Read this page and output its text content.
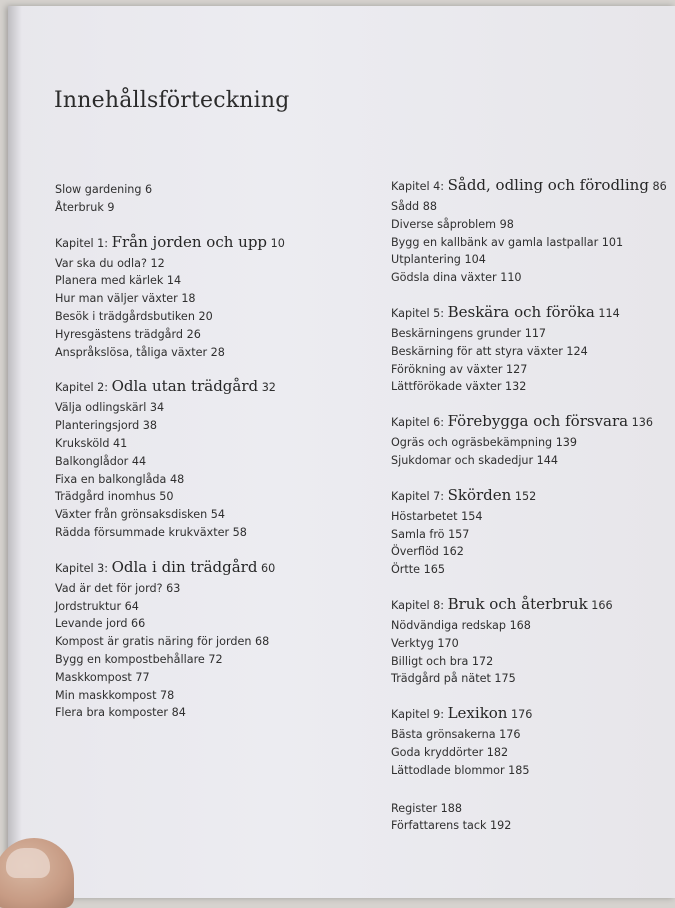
Innehållsförteckning
Slow gardening 6
Återbruk 9
Kapitel 1: Från jorden och upp 10
Var ska du odla? 12
Planera med kärlek 14
Hur man väljer växter 18
Besök i trädgårdsbutiken 20
Hyresgästens trädgård 26
Anspråkslösa, tåliga växter 28
Kapitel 2: Odla utan trädgård 32
Välja odlingskärl 34
Planteringsjord 38
Kruksköld 41
Balkonglådor 44
Fixa en balkonglåda 48
Trädgård inomhus 50
Växter från grönsaksdisken 54
Rädda försummade krukväxter 58
Kapitel 3: Odla i din trädgård 60
Vad är det för jord? 63
Jordstruktur 64
Levande jord 66
Kompost är gratis näring för jorden 68
Bygg en kompostbehållare 72
Maskkompost 77
Min maskkompost 78
Flera bra komposter 84
Kapitel 4: Sådd, odling och förodling 86
Sådd 88
Diverse såproblem 98
Bygg en kallbänk av gamla lastpallar 101
Utplantering 104
Gödsla dina växter 110
Kapitel 5: Beskära och föröka 114
Beskärningens grunder 117
Beskärning för att styra växter 124
Förökning av växter 127
Lättförökade växter 132
Kapitel 6: Förebygga och försvara 136
Ogräs och ogräsbekämpning 139
Sjukdomar och skadedjur 144
Kapitel 7: Skörden 152
Höstarbetet 154
Samla frö 157
Överflöd 162
Örtte 165
Kapitel 8: Bruk och återbruk 166
Nödvändiga redskap 168
Verktyg 170
Billigt och bra 172
Trädgård på nätet 175
Kapitel 9: Lexikon 176
Bästa grönsakerna 176
Goda kryddörter 182
Lättodlade blommor 185
Register 188
Författarens tack 192
